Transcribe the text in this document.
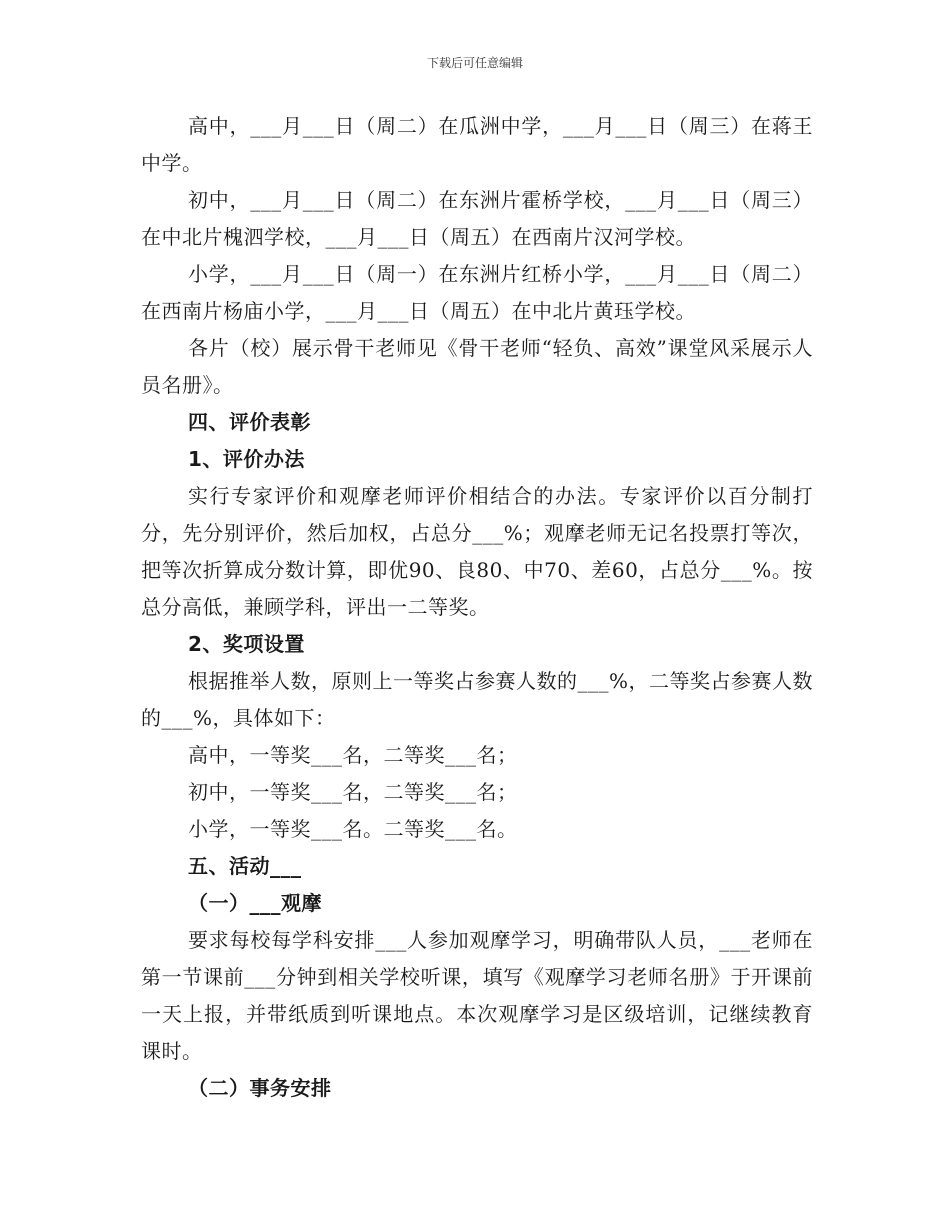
下载后可任意编辑

高中，___月___日（周二）在瓜洲中学，___月___日（周三）在蒋王中学。

初中，___月___日（周二）在东洲片霍桥学校，___月___日（周三）在中北片槐泗学校，___月___日（周五）在西南片汉河学校。

小学，___月___日（周一）在东洲片红桥小学，___月___日（周二）在西南片杨庙小学，___月___日（周五）在中北片黄珏学校。

各片（校）展示骨干老师见《骨干老师“轻负、高效”课堂风采展示人员名册》。

四、评价表彰

1、评价办法

实行专家评价和观摩老师评价相结合的办法。专家评价以百分制打分，先分别评价，然后加权，占总分___%；观摩老师无记名投票打等次，把等次折算成分数计算，即优90、良80、中70、差60，占总分___%。按总分高低，兼顾学科，评出一二等奖。

2、奖项设置

根据推举人数，原则上一等奖占参赛人数的___%，二等奖占参赛人数的___%，具体如下：

高中，一等奖___名，二等奖___名；

初中，一等奖___名，二等奖___名；

小学，一等奖___名。二等奖___名。

五、活动___

（一）___观摩

要求每校每学科安排___人参加观摩学习，明确带队人员，___老师在第一节课前___分钟到相关学校听课，填写《观摩学习老师名册》于开课前一天上报，并带纸质到听课地点。本次观摩学习是区级培训，记继续教育课时。

（二）事务安排
